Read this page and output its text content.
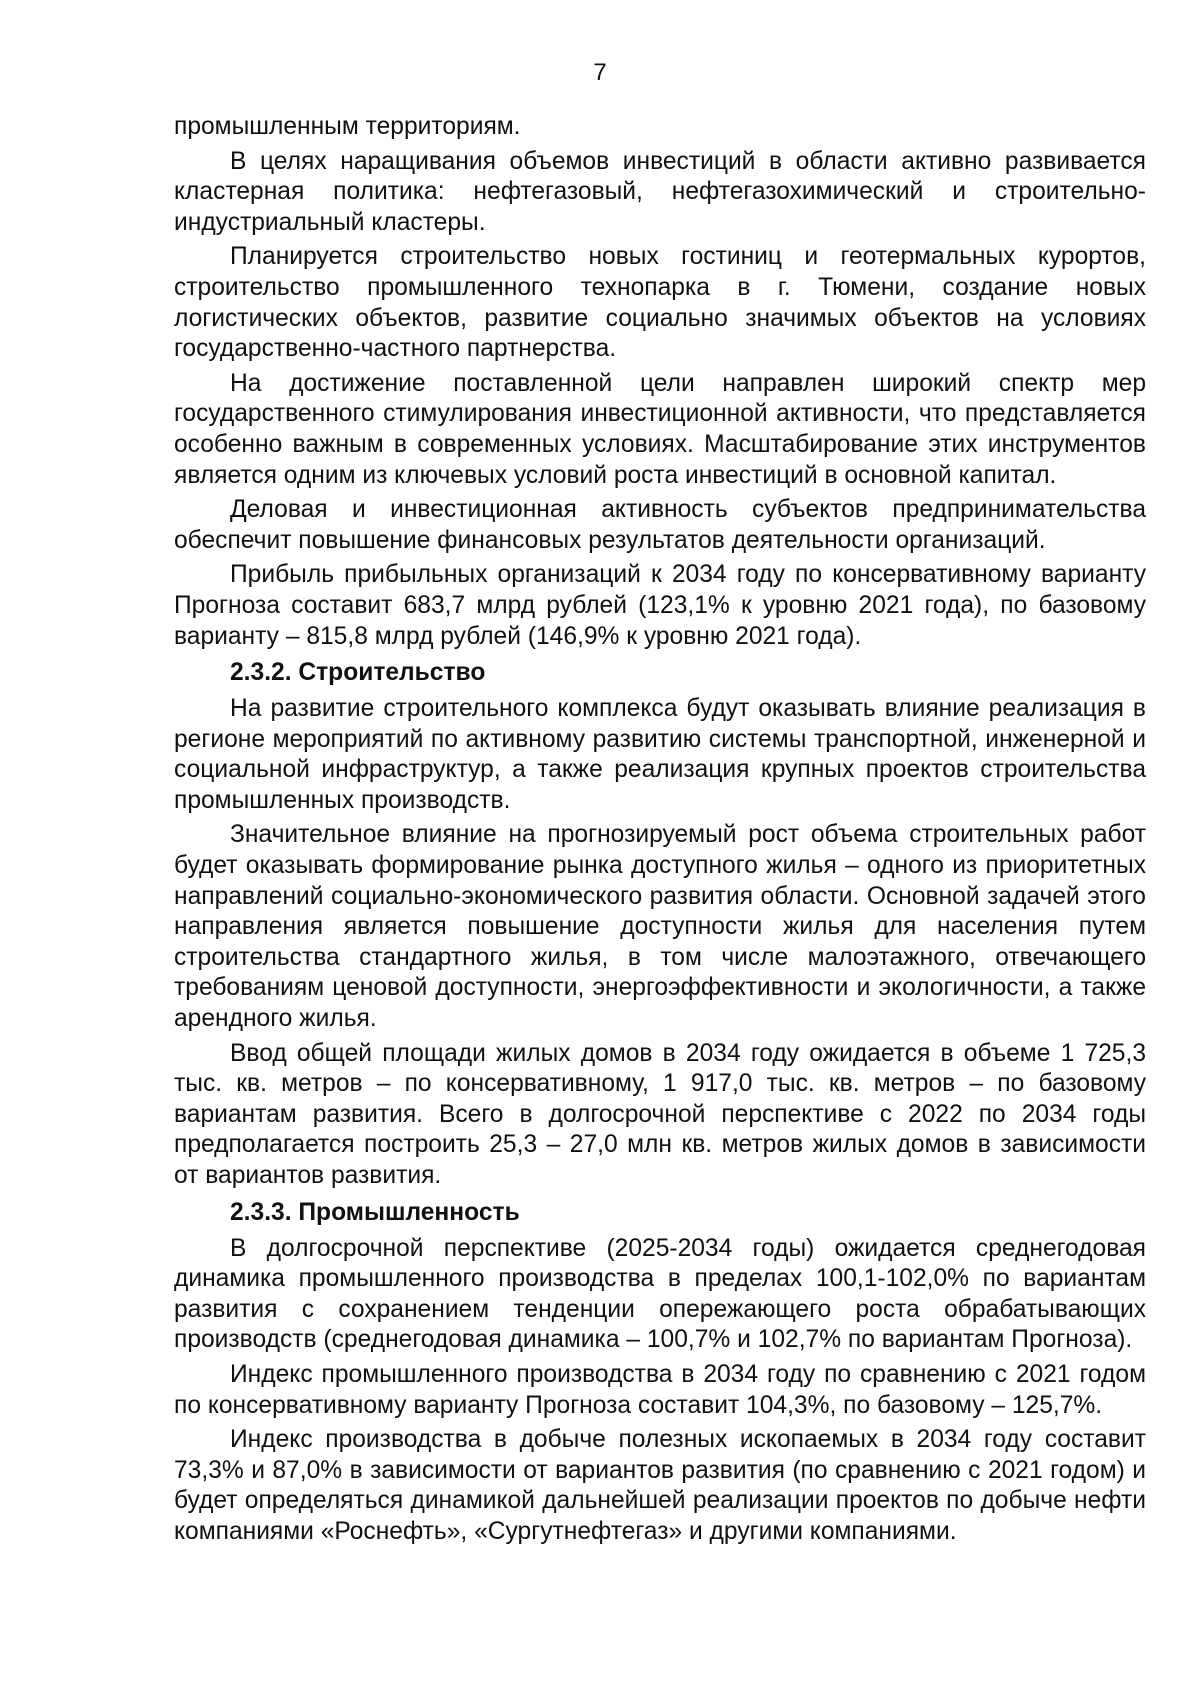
7

промышленным территориям.

В целях наращивания объемов инвестиций в области активно развивается кластерная политика: нефтегазовый, нефтегазохимический и строительно-индустриальный кластеры.

Планируется строительство новых гостиниц и геотермальных курортов, строительство промышленного технопарка в г. Тюмени, создание новых логистических объектов, развитие социально значимых объектов на условиях государственно-частного партнерства.

На достижение поставленной цели направлен широкий спектр мер государственного стимулирования инвестиционной активности, что представляется особенно важным в современных условиях. Масштабирование этих инструментов является одним из ключевых условий роста инвестиций в основной капитал.

Деловая и инвестиционная активность субъектов предпринимательства обеспечит повышение финансовых результатов деятельности организаций.

Прибыль прибыльных организаций к 2034 году по консервативному варианту Прогноза составит 683,7 млрд рублей (123,1% к уровню 2021 года), по базовому варианту – 815,8 млрд рублей (146,9% к уровню 2021 года).

2.3.2. Строительство

На развитие строительного комплекса будут оказывать влияние реализация в регионе мероприятий по активному развитию системы транспортной, инженерной и социальной инфраструктур, а также реализация крупных проектов строительства промышленных производств.

Значительное влияние на прогнозируемый рост объема строительных работ будет оказывать формирование рынка доступного жилья – одного из приоритетных направлений социально-экономического развития области. Основной задачей этого направления является повышение доступности жилья для населения путем строительства стандартного жилья, в том числе малоэтажного, отвечающего требованиям ценовой доступности, энергоэффективности и экологичности, а также арендного жилья.

Ввод общей площади жилых домов в 2034 году ожидается в объеме 1 725,3 тыс. кв. метров – по консервативному, 1 917,0 тыс. кв. метров – по базовому вариантам развития. Всего в долгосрочной перспективе с 2022 по 2034 годы предполагается построить 25,3 – 27,0 млн кв. метров жилых домов в зависимости от вариантов развития.

2.3.3. Промышленность

В долгосрочной перспективе (2025-2034 годы) ожидается среднегодовая динамика промышленного производства в пределах 100,1-102,0% по вариантам развития с сохранением тенденции опережающего роста обрабатывающих производств (среднегодовая динамика – 100,7% и 102,7% по вариантам Прогноза).

Индекс промышленного производства в 2034 году по сравнению с 2021 годом по консервативному варианту Прогноза составит 104,3%, по базовому – 125,7%.

Индекс производства в добыче полезных ископаемых в 2034 году составит 73,3% и 87,0% в зависимости от вариантов развития (по сравнению с 2021 годом) и будет определяться динамикой дальнейшей реализации проектов по добыче нефти компаниями «Роснефть», «Сургутнефтегаз» и другими компаниями.
